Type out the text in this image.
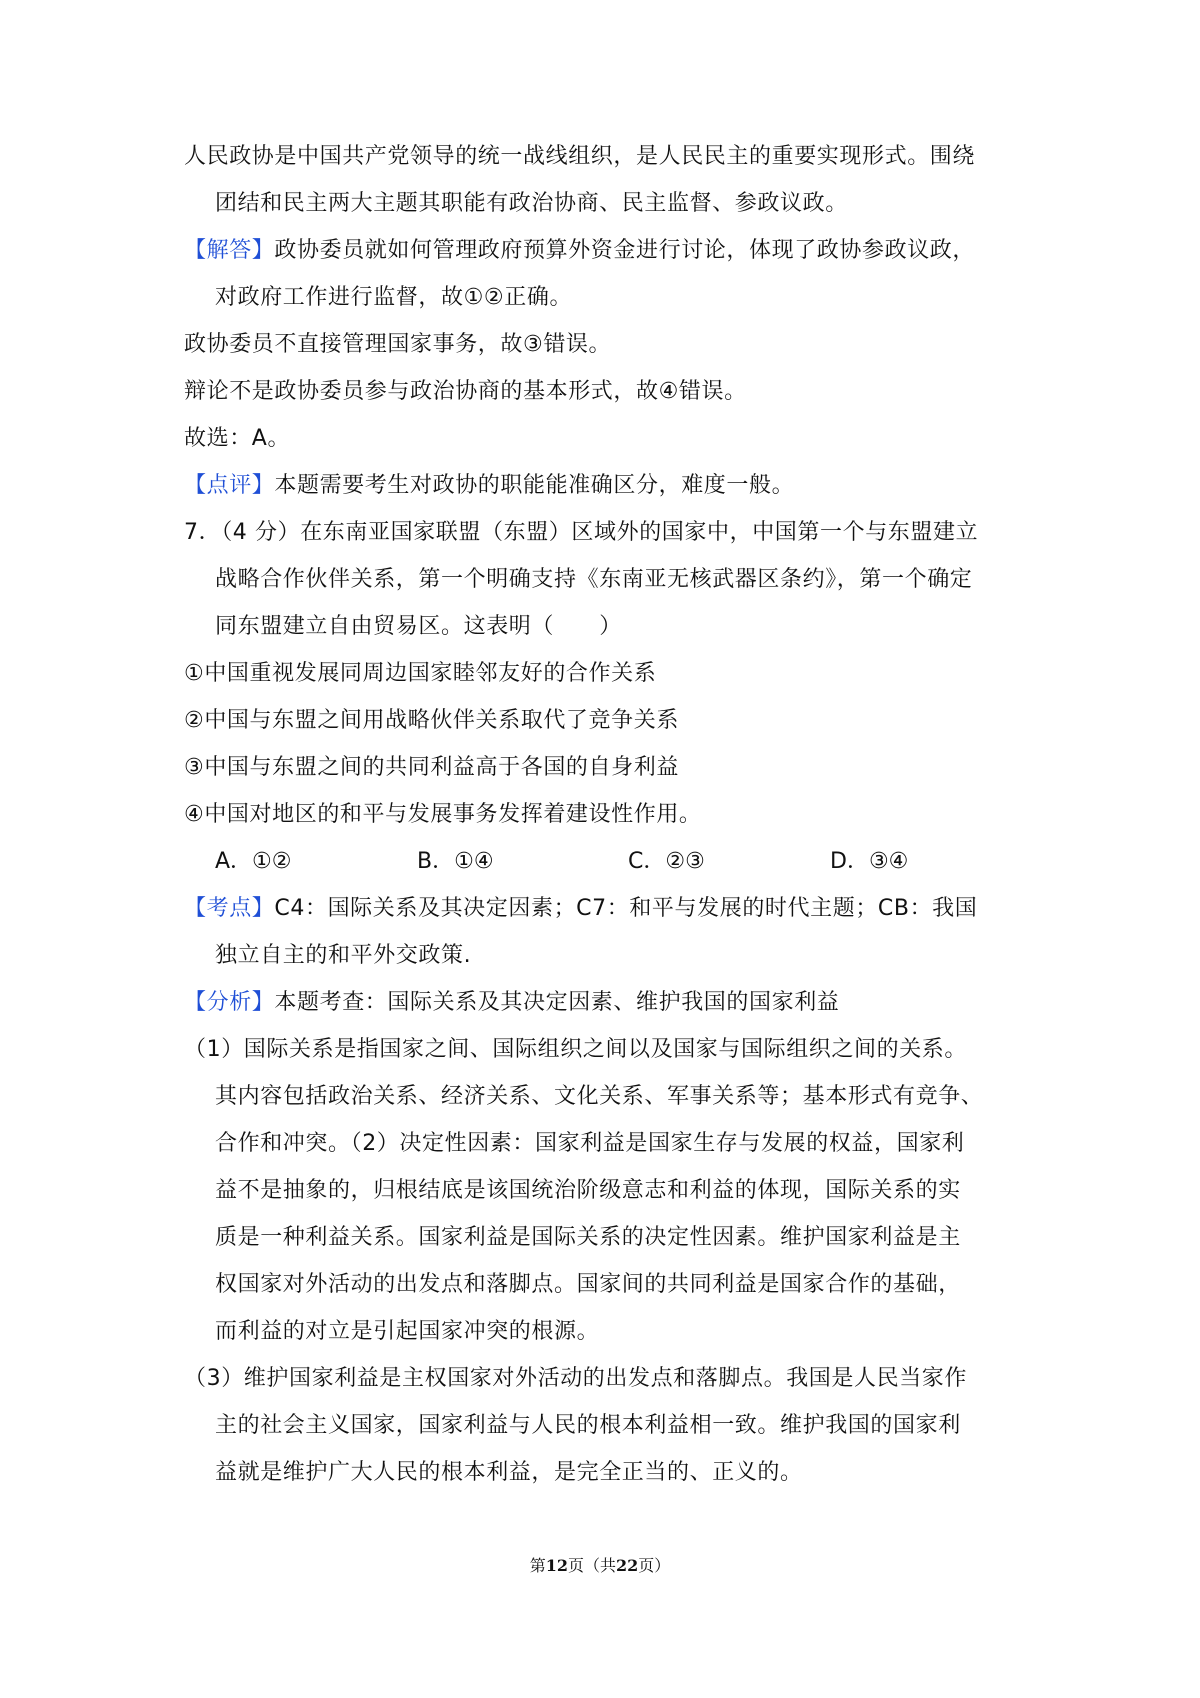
人民政协是中国共产党领导的统一战线组织，是人民民主的重要实现形式。围绕
团结和民主两大主题其职能有政治协商、民主监督、参政议政。
【解答】政协委员就如何管理政府预算外资金进行讨论，体现了政协参政议政，
对政府工作进行监督，故①②正确。
政协委员不直接管理国家事务，故③错误。
辩论不是政协委员参与政治协商的基本形式，故④错误。
故选：A。
【点评】本题需要考生对政协的职能能准确区分，难度一般。
7．（4 分）在东南亚国家联盟（东盟）区域外的国家中，中国第一个与东盟建立
战略合作伙伴关系，第一个明确支持《东南亚无核武器区条约》，第一个确定
同东盟建立自由贸易区。这表明（　　）
①中国重视发展同周边国家睦邻友好的合作关系
②中国与东盟之间用战略伙伴关系取代了竞争关系
③中国与东盟之间的共同利益高于各国的自身利益
④中国对地区的和平与发展事务发挥着建设性作用。
A．①②	B．①④	C．②③	D．③④
【考点】C4：国际关系及其决定因素；C7：和平与发展的时代主题；CB：我国
独立自主的和平外交政策.
【分析】本题考查：国际关系及其决定因素、维护我国的国家利益
（1）国际关系是指国家之间、国际组织之间以及国家与国际组织之间的关系。
其内容包括政治关系、经济关系、文化关系、军事关系等；基本形式有竞争、
合作和冲突。（2）决定性因素：国家利益是国家生存与发展的权益，国家利
益不是抽象的，归根结底是该国统治阶级意志和利益的体现，国际关系的实
质是一种利益关系。国家利益是国际关系的决定性因素。维护国家利益是主
权国家对外活动的出发点和落脚点。国家间的共同利益是国家合作的基础，
而利益的对立是引起国家冲突的根源。
（3）维护国家利益是主权国家对外活动的出发点和落脚点。我国是人民当家作
主的社会主义国家，国家利益与人民的根本利益相一致。维护我国的国家利
益就是维护广大人民的根本利益，是完全正当的、正义的。
第12页（共22页）
